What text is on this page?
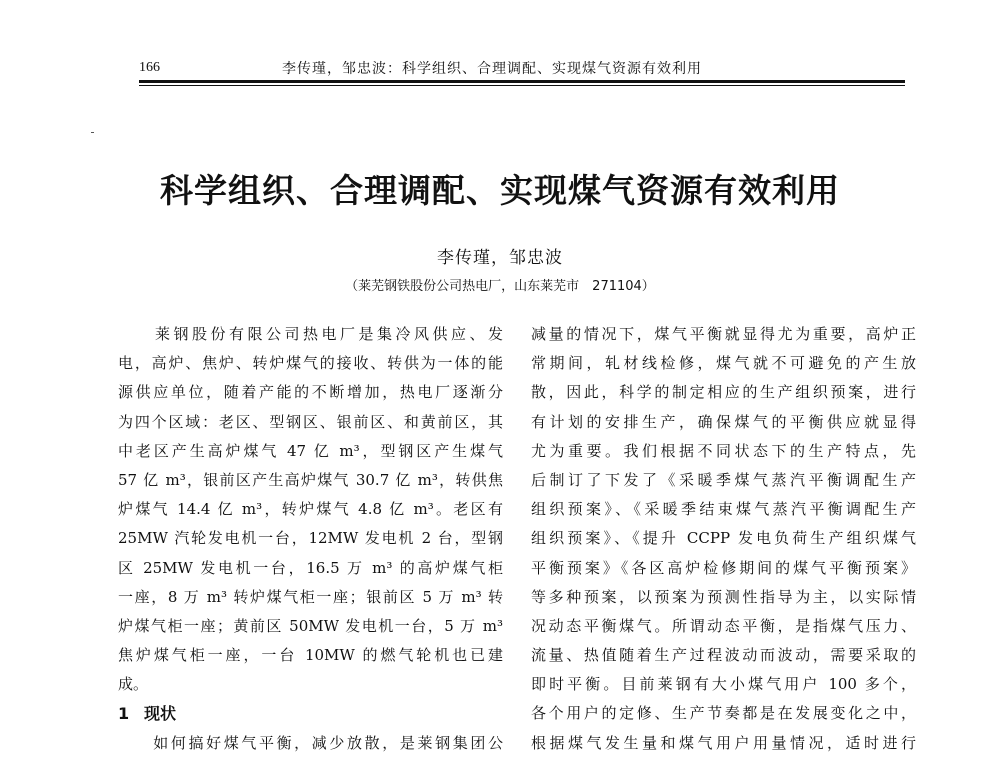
166	李传瑾，邹忠波：科学组织、合理调配、实现煤气资源有效利用
科学组织、合理调配、实现煤气资源有效利用
李传瑾，邹忠波
（莱芜钢铁股份公司热电厂，山东莱芜市　271104）
　　莱钢股份有限公司热电厂是集冷风供应、发
电，高炉、焦炉、转炉煤气的接收、转供为一体的能
源供应单位，随着产能的不断增加，热电厂逐渐分
为四个区域：老区、型钢区、银前区、和黄前区，其
中老区产生高炉煤气 47 亿 m³，型钢区产生煤气
57 亿 m³，银前区产生高炉煤气 30.7 亿 m³，转供焦
炉煤气 14.4 亿 m³，转炉煤气 4.8 亿 m³。老区有
25MW 汽轮发电机一台，12MW 发电机 2 台，型钢
区 25MW 发电机一台，16.5 万 m³ 的高炉煤气柜
一座，8 万 m³ 转炉煤气柜一座；银前区 5 万 m³ 转
炉煤气柜一座；黄前区 50MW 发电机一台，5 万 m³
焦炉煤气柜一座，一台 10MW 的燃气轮机也已建
成。
1 现状
　　如何搞好煤气平衡，减少放散，是莱钢集团公
减量的情况下，煤气平衡就显得尤为重要，高炉正
常期间，轧材线检修，煤气就不可避免的产生放
散，因此，科学的制定相应的生产组织预案，进行
有计划的安排生产，确保煤气的平衡供应就显得
尤为重要。我们根据不同状态下的生产特点，先
后制订了下发了《采暖季煤气蒸汽平衡调配生产
组织预案》、《采暖季结束煤气蒸汽平衡调配生产
组织预案》、《提升 CCPP 发电负荷生产组织煤气
平衡预案》《各区高炉检修期间的煤气平衡预案》
等多种预案，以预案为预测性指导为主，以实际情
况动态平衡煤气。所谓动态平衡，是指煤气压力、
流量、热值随着生产过程波动而波动，需要采取的
即时平衡。目前莱钢有大小煤气用户 100 多个，
各个用户的定修、生产节奏都是在发展变化之中，
根据煤气发生量和煤气用户用量情况，适时进行
